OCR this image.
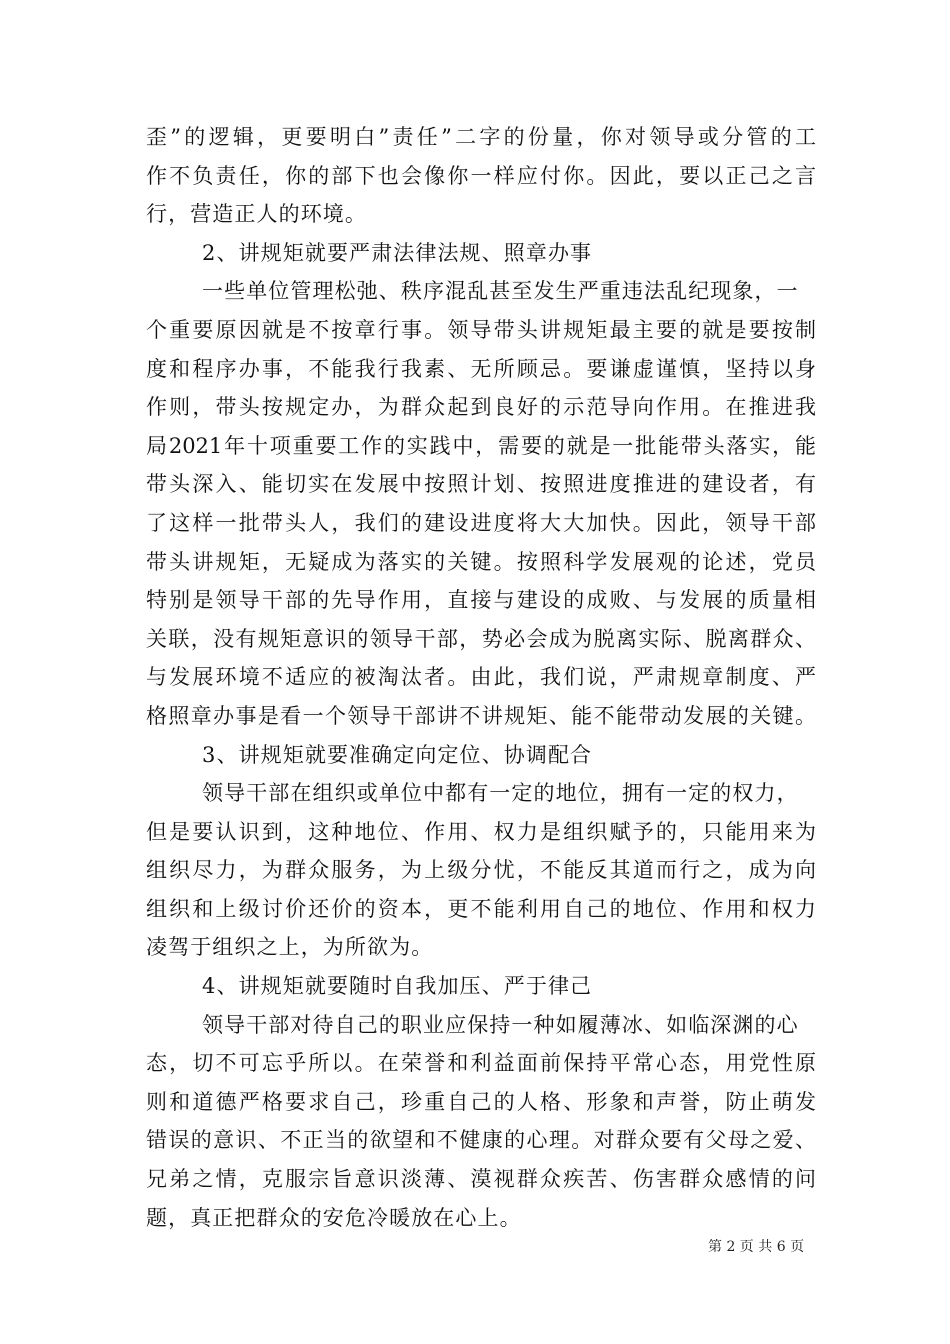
歪”的逻辑，更要明白”责任”二字的份量，你对领导或分管的工
作不负责任，你的部下也会像你一样应付你。因此，要以正己之言
行，营造正人的环境。
2、讲规矩就要严肃法律法规、照章办事
一些单位管理松弛、秩序混乱甚至发生严重违法乱纪现象，一
个重要原因就是不按章行事。领导带头讲规矩最主要的就是要按制
度和程序办事，不能我行我素、无所顾忌。要谦虚谨慎，坚持以身
作则，带头按规定办，为群众起到良好的示范导向作用。在推进我
局2021年十项重要工作的实践中，需要的就是一批能带头落实，能
带头深入、能切实在发展中按照计划、按照进度推进的建设者，有
了这样一批带头人，我们的建设进度将大大加快。因此，领导干部
带头讲规矩，无疑成为落实的关键。按照科学发展观的论述，党员
特别是领导干部的先导作用，直接与建设的成败、与发展的质量相
关联，没有规矩意识的领导干部，势必会成为脱离实际、脱离群众、
与发展环境不适应的被淘汰者。由此，我们说，严肃规章制度、严
格照章办事是看一个领导干部讲不讲规矩、能不能带动发展的关键。
3、讲规矩就要准确定向定位、协调配合
领导干部在组织或单位中都有一定的地位，拥有一定的权力，
但是要认识到，这种地位、作用、权力是组织赋予的，只能用来为
组织尽力，为群众服务，为上级分忧，不能反其道而行之，成为向
组织和上级讨价还价的资本，更不能利用自己的地位、作用和权力
凌驾于组织之上，为所欲为。
4、讲规矩就要随时自我加压、严于律己
领导干部对待自己的职业应保持一种如履薄冰、如临深渊的心
态，切不可忘乎所以。在荣誉和利益面前保持平常心态，用党性原
则和道德严格要求自己，珍重自己的人格、形象和声誉，防止萌发
错误的意识、不正当的欲望和不健康的心理。对群众要有父母之爱、
兄弟之情，克服宗旨意识淡薄、漠视群众疾苦、伤害群众感情的问
题，真正把群众的安危冷暖放在心上。
第 2 页 共 6 页
